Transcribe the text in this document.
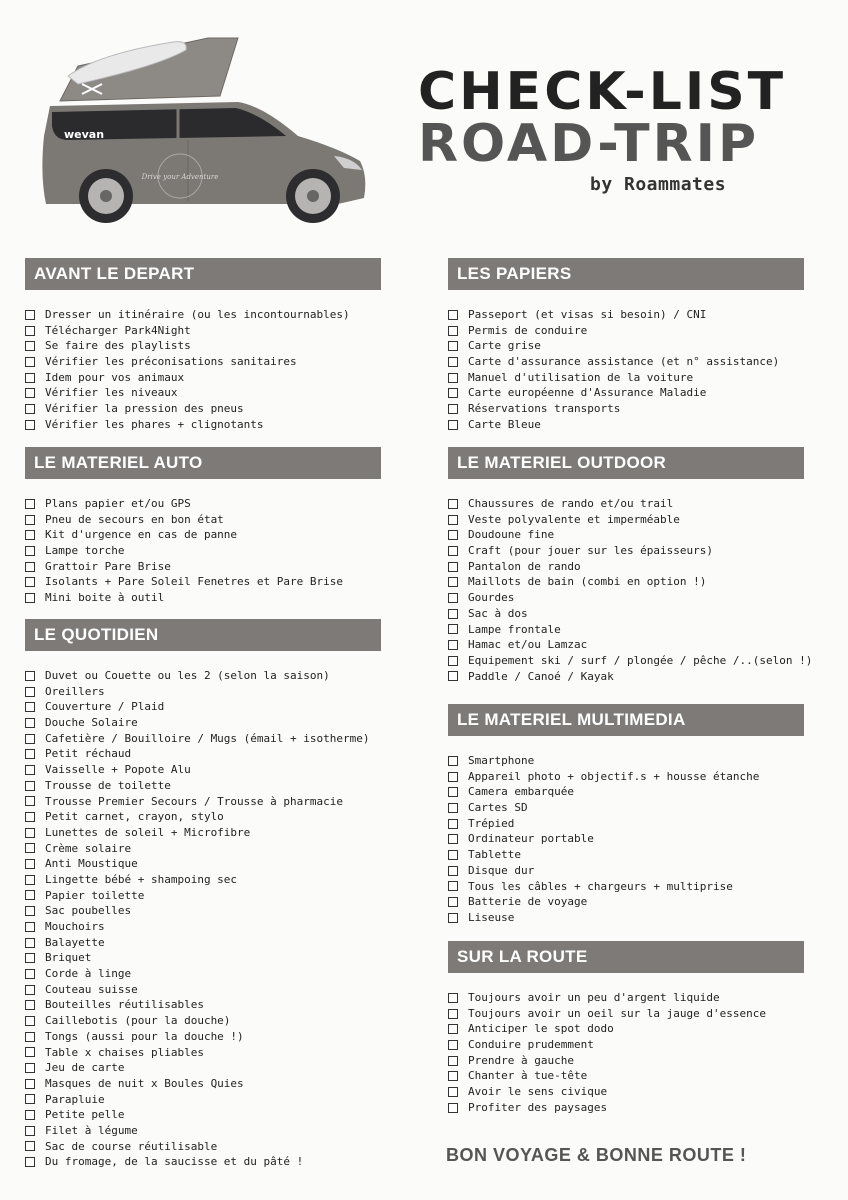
wevan
Drive your Adventure
CHECK-LIST
ROAD-TRIP
by Roammates
AVANT LE DEPART
Dresser un itinéraire (ou les incontournables)
Télécharger Park4Night
Se faire des playlists
Vérifier les préconisations sanitaires
Idem pour vos animaux
Vérifier les niveaux
Vérifier la pression des pneus
Vérifier les phares + clignotants
LE MATERIEL AUTO
Plans papier et/ou GPS
Pneu de secours en bon état
Kit d'urgence en cas de panne
Lampe torche
Grattoir Pare Brise
Isolants + Pare Soleil Fenetres et Pare Brise
Mini boite à outil
LE QUOTIDIEN
Duvet ou Couette ou les 2 (selon la saison)
Oreillers
Couverture / Plaid
Douche Solaire
Cafetière / Bouilloire / Mugs (émail + isotherme)
Petit réchaud
Vaisselle + Popote Alu
Trousse de toilette
Trousse Premier Secours / Trousse à pharmacie
Petit carnet, crayon, stylo
Lunettes de soleil + Microfibre
Crème solaire
Anti Moustique
Lingette bébé + shampoing sec
Papier toilette
Sac poubelles
Mouchoirs
Balayette
Briquet
Corde à linge
Couteau suisse
Bouteilles réutilisables
Caillebotis (pour la douche)
Tongs (aussi pour la douche !)
Table x chaises pliables
Jeu de carte
Masques de nuit x Boules Quies
Parapluie
Petite pelle
Filet à légume
Sac de course réutilisable
Du fromage, de la saucisse et du pâté !
LES PAPIERS
Passeport (et visas si besoin) / CNI
Permis de conduire
Carte grise
Carte d'assurance assistance (et n° assistance)
Manuel d'utilisation de la voiture
Carte européenne d'Assurance Maladie
Réservations transports
Carte Bleue
LE MATERIEL OUTDOOR
Chaussures de rando et/ou trail
Veste polyvalente et imperméable
Doudoune fine
Craft (pour jouer sur les épaisseurs)
Pantalon de rando
Maillots de bain (combi en option !)
Gourdes
Sac à dos
Lampe frontale
Hamac et/ou Lamzac
Equipement ski / surf / plongée / pêche /..(selon !)
Paddle / Canoé / Kayak
LE MATERIEL MULTIMEDIA
Smartphone
Appareil photo + objectif.s + housse étanche
Camera embarquée
Cartes SD
Trépied
Ordinateur portable
Tablette
Disque dur
Tous les câbles + chargeurs + multiprise
Batterie de voyage
Liseuse
SUR LA ROUTE
Toujours avoir un peu d'argent liquide
Toujours avoir un oeil sur la jauge d'essence
Anticiper le spot dodo
Conduire prudemment
Prendre à gauche
Chanter à tue-tête
Avoir le sens civique
Profiter des paysages
BON VOYAGE & BONNE ROUTE !
